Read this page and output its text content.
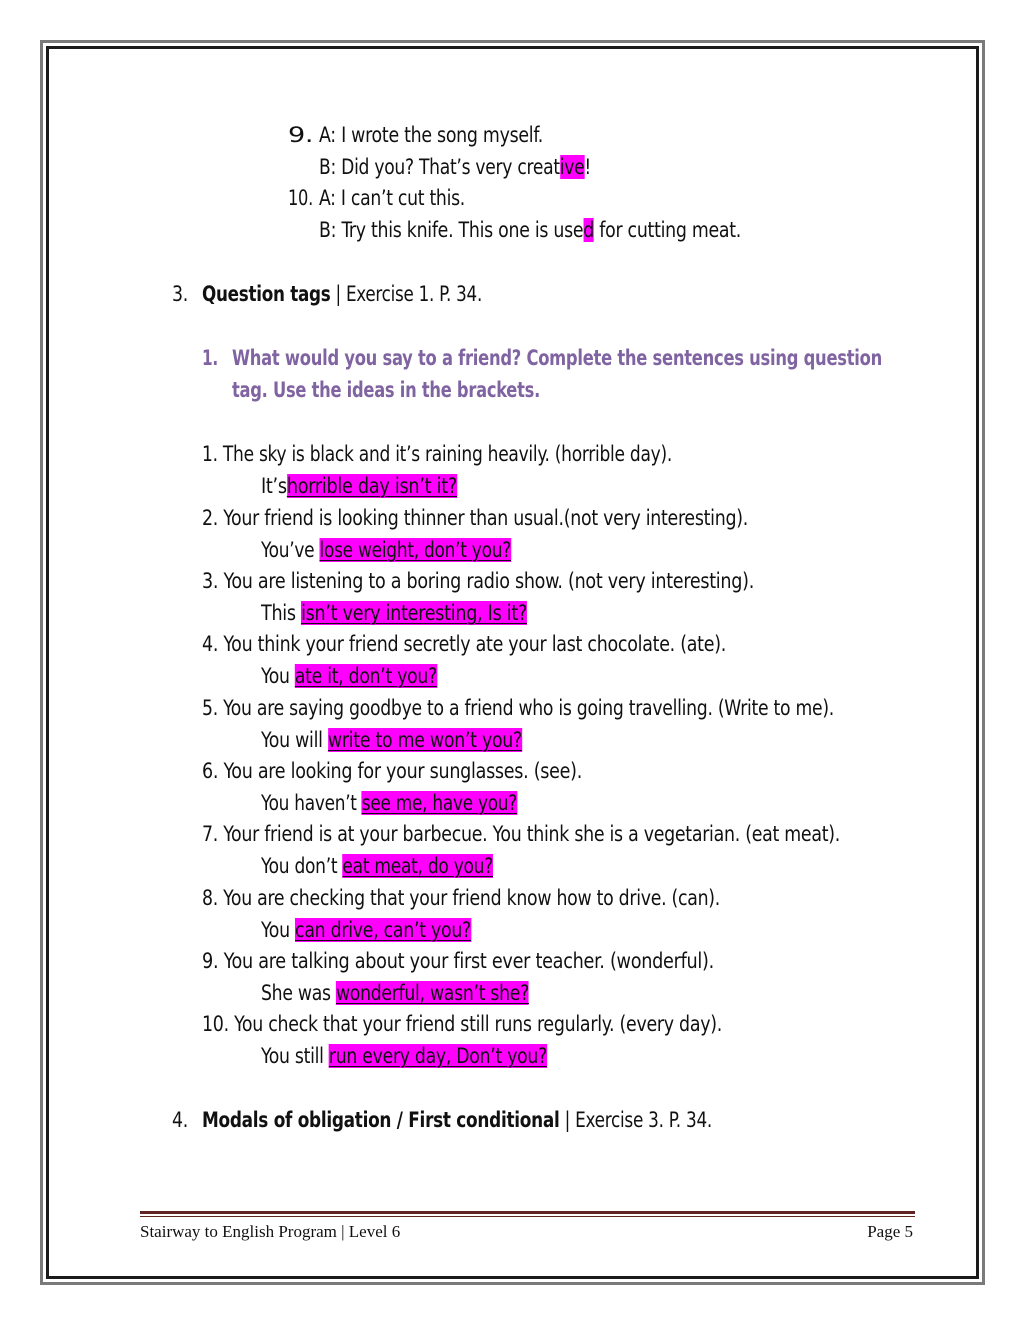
9. A: I wrote the song myself.
B: Did you? That’s very creative!
10. A: I can’t cut this.
B: Try this knife. This one is used for cutting meat.
3. Question tags | Exercise 1. P. 34.
1. What would you say to a friend? Complete the sentences using question
tag. Use the ideas in the brackets.
1. The sky is black and it’s raining heavily. (horrible day).
It’shorrible day isn’t it?
2. Your friend is looking thinner than usual.(not very interesting).
You’ve lose weight, don’t you?
3. You are listening to a boring radio show. (not very interesting).
This isn’t very interesting, Is it?
4. You think your friend secretly ate your last chocolate. (ate).
You ate it, don’t you?
5. You are saying goodbye to a friend who is going travelling. (Write to me).
You will write to me won’t you?
6. You are looking for your sunglasses. (see).
You haven’t see me, have you?
7. Your friend is at your barbecue. You think she is a vegetarian. (eat meat).
You don’t eat meat, do you?
8. You are checking that your friend know how to drive. (can).
You can drive, can’t you?
9. You are talking about your first ever teacher. (wonderful).
She was wonderful, wasn’t she?
10. You check that your friend still runs regularly. (every day).
You still run every day, Don’t you?
4. Modals of obligation / First conditional | Exercise 3. P. 34.
Stairway to English Program | Level 6	Page 5
